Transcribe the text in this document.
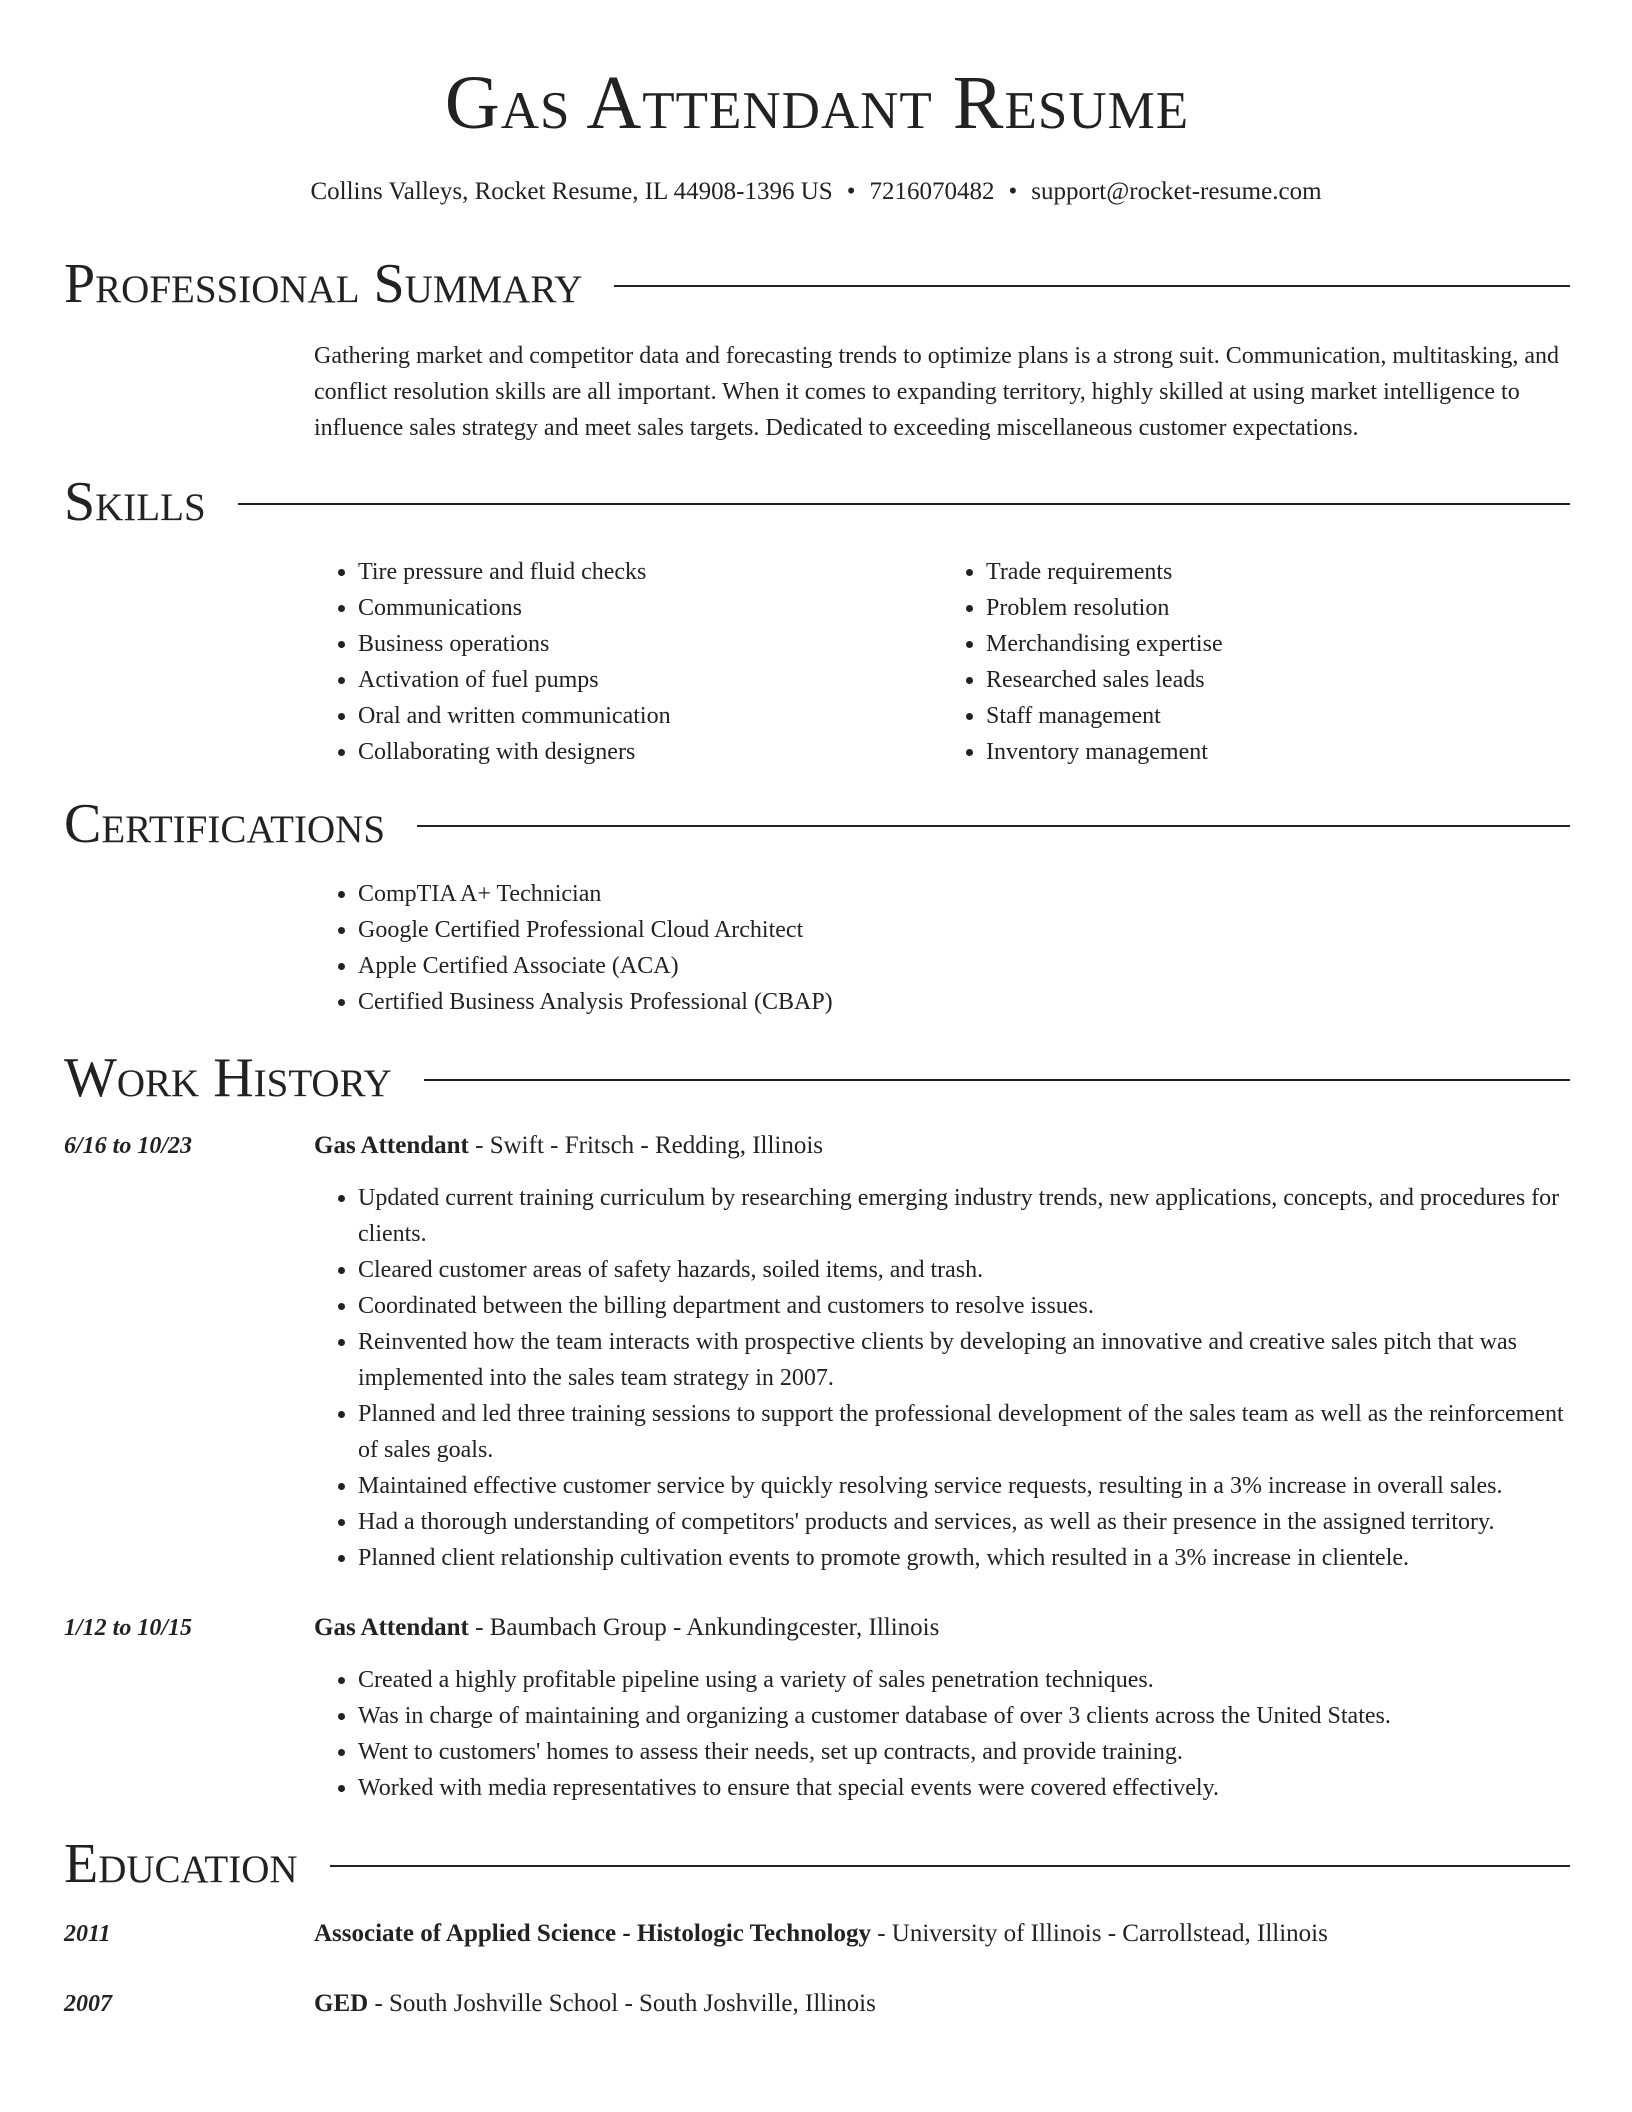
Gas Attendant Resume
Collins Valleys, Rocket Resume, IL 44908-1396 US • 7216070482 • support@rocket-resume.com
Professional Summary

Gathering market and competitor data and forecasting trends to optimize plans is a strong suit. Communication, multitasking, and conflict resolution skills are all important. When it comes to expanding territory, highly skilled at using market intelligence to influence sales strategy and meet sales targets. Dedicated to exceeding miscellaneous customer expectations.

Skills
• Tire pressure and fluid checks
• Communications
• Business operations
• Activation of fuel pumps
• Oral and written communication
• Collaborating with designers
• Trade requirements
• Problem resolution
• Merchandising expertise
• Researched sales leads
• Staff management
• Inventory management
Certifications
• CompTIA A+ Technician
• Google Certified Professional Cloud Architect
• Apple Certified Associate (ACA)
• Certified Business Analysis Professional (CBAP)
Work History
6/16 to 10/23	Gas Attendant - Swift - Fritsch - Redding, Illinois
• Updated current training curriculum by researching emerging industry trends, new applications, concepts, and procedures for clients.
• Cleared customer areas of safety hazards, soiled items, and trash.
• Coordinated between the billing department and customers to resolve issues.
• Reinvented how the team interacts with prospective clients by developing an innovative and creative sales pitch that was implemented into the sales team strategy in 2007.
• Planned and led three training sessions to support the professional development of the sales team as well as the reinforcement of sales goals.
• Maintained effective customer service by quickly resolving service requests, resulting in a 3% increase in overall sales.
• Had a thorough understanding of competitors' products and services, as well as their presence in the assigned territory.
• Planned client relationship cultivation events to promote growth, which resulted in a 3% increase in clientele.
1/12 to 10/15	Gas Attendant - Baumbach Group - Ankundingcester, Illinois
• Created a highly profitable pipeline using a variety of sales penetration techniques.
• Was in charge of maintaining and organizing a customer database of over 3 clients across the United States.
• Went to customers' homes to assess their needs, set up contracts, and provide training.
• Worked with media representatives to ensure that special events were covered effectively.
Education
2011	Associate of Applied Science - Histologic Technology - University of Illinois - Carrollstead, Illinois
2007	GED - South Joshville School - South Joshville, Illinois
